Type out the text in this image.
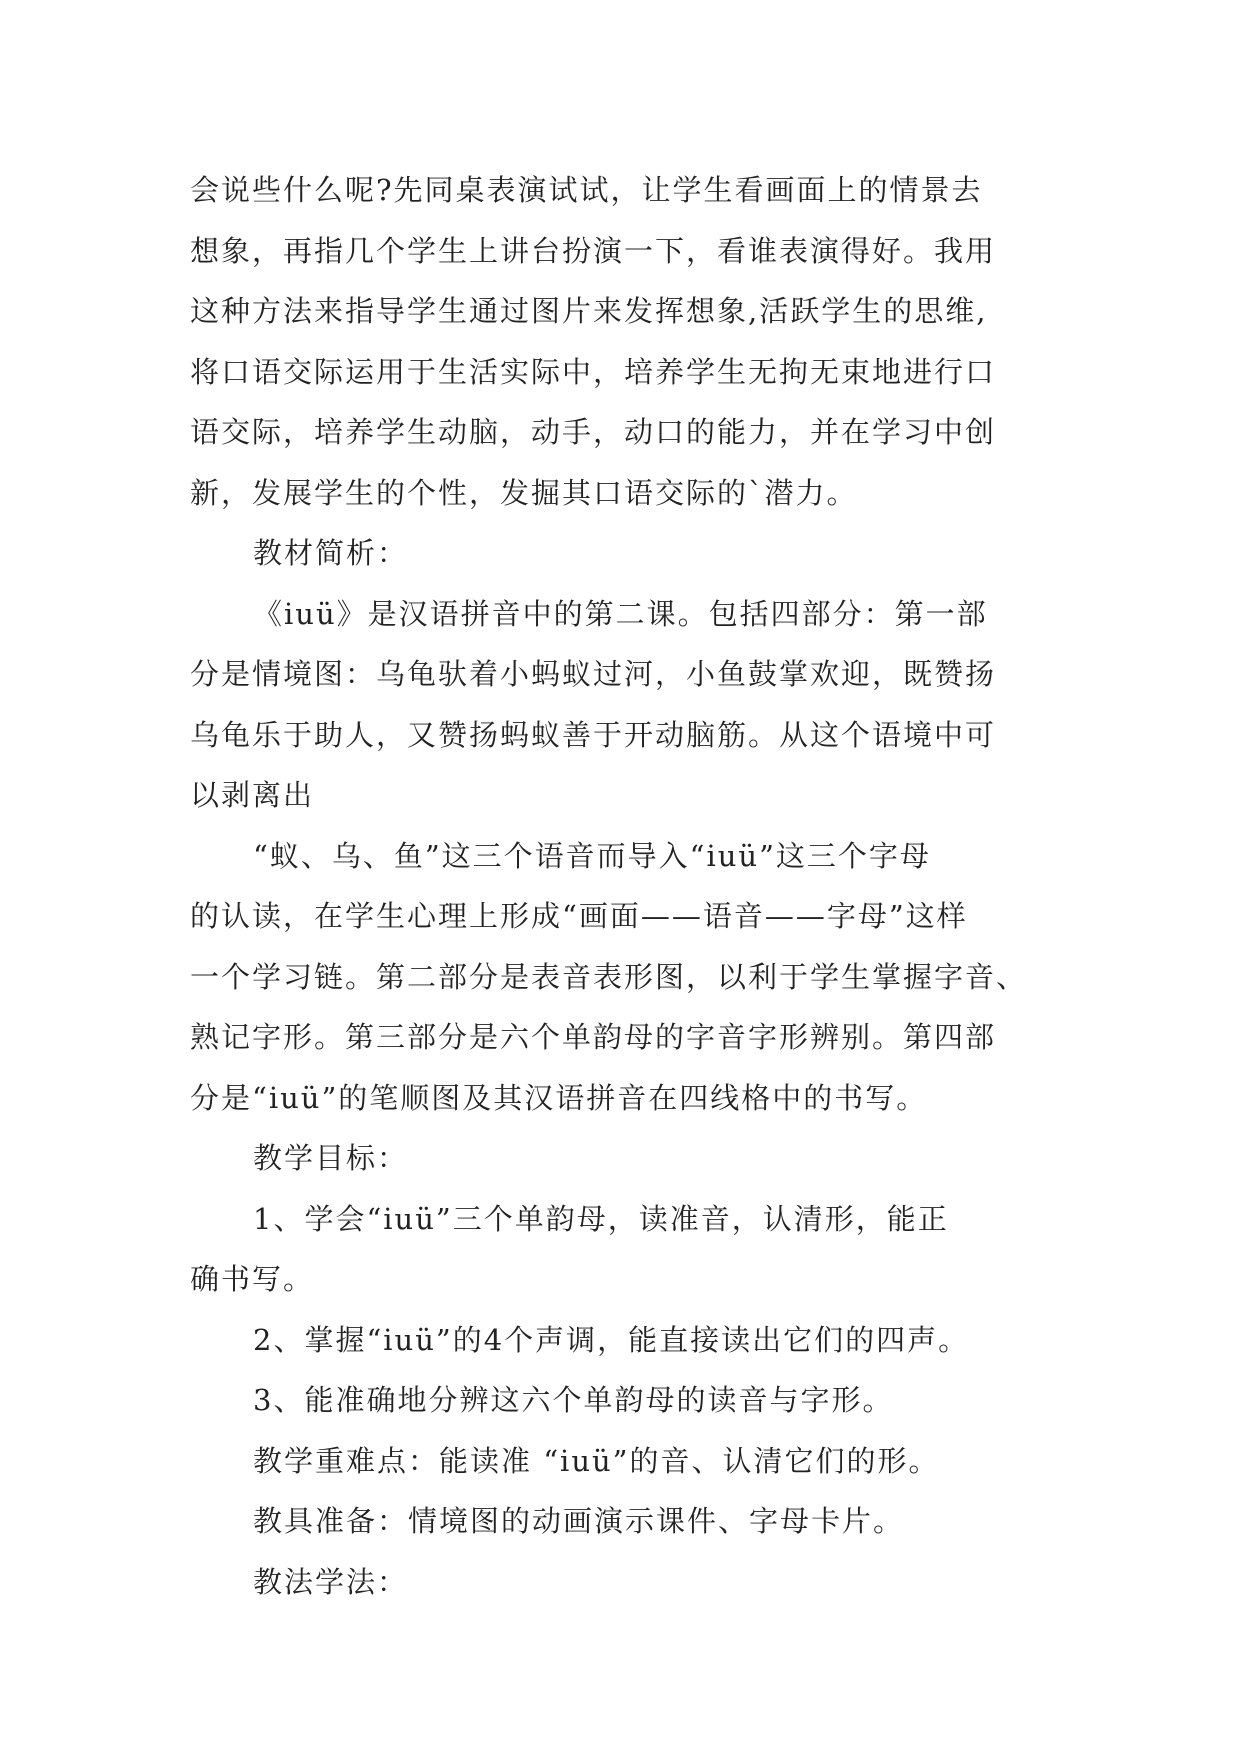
会说些什么呢?先同桌表演试试，让学生看画面上的情景去
想象，再指几个学生上讲台扮演一下，看谁表演得好。我用
这种方法来指导学生通过图片来发挥想象,活跃学生的思维,
将口语交际运用于生活实际中，培养学生无拘无束地进行口
语交际，培养学生动脑，动手，动口的能力，并在学习中创
新，发展学生的个性，发掘其口语交际的`潜力。
教材简析：
《iuü》是汉语拼音中的第二课。包括四部分：第一部
分是情境图：乌龟驮着小蚂蚁过河，小鱼鼓掌欢迎，既赞扬
乌龟乐于助人，又赞扬蚂蚁善于开动脑筋。从这个语境中可
以剥离出
“蚁、乌、鱼”这三个语音而导入“iuü”这三个字母
的认读，在学生心理上形成“画面——语音——字母”这样
一个学习链。第二部分是表音表形图，以利于学生掌握字音、
熟记字形。第三部分是六个单韵母的字音字形辨别。第四部
分是“iuü”的笔顺图及其汉语拼音在四线格中的书写。
教学目标：
1、学会“iuü”三个单韵母，读准音，认清形，能正
确书写。
2、掌握“iuü”的4个声调，能直接读出它们的四声。
3、能准确地分辨这六个单韵母的读音与字形。
教学重难点：能读准 “iuü”的音、认清它们的形。
教具准备：情境图的动画演示课件、字母卡片。
教法学法：
